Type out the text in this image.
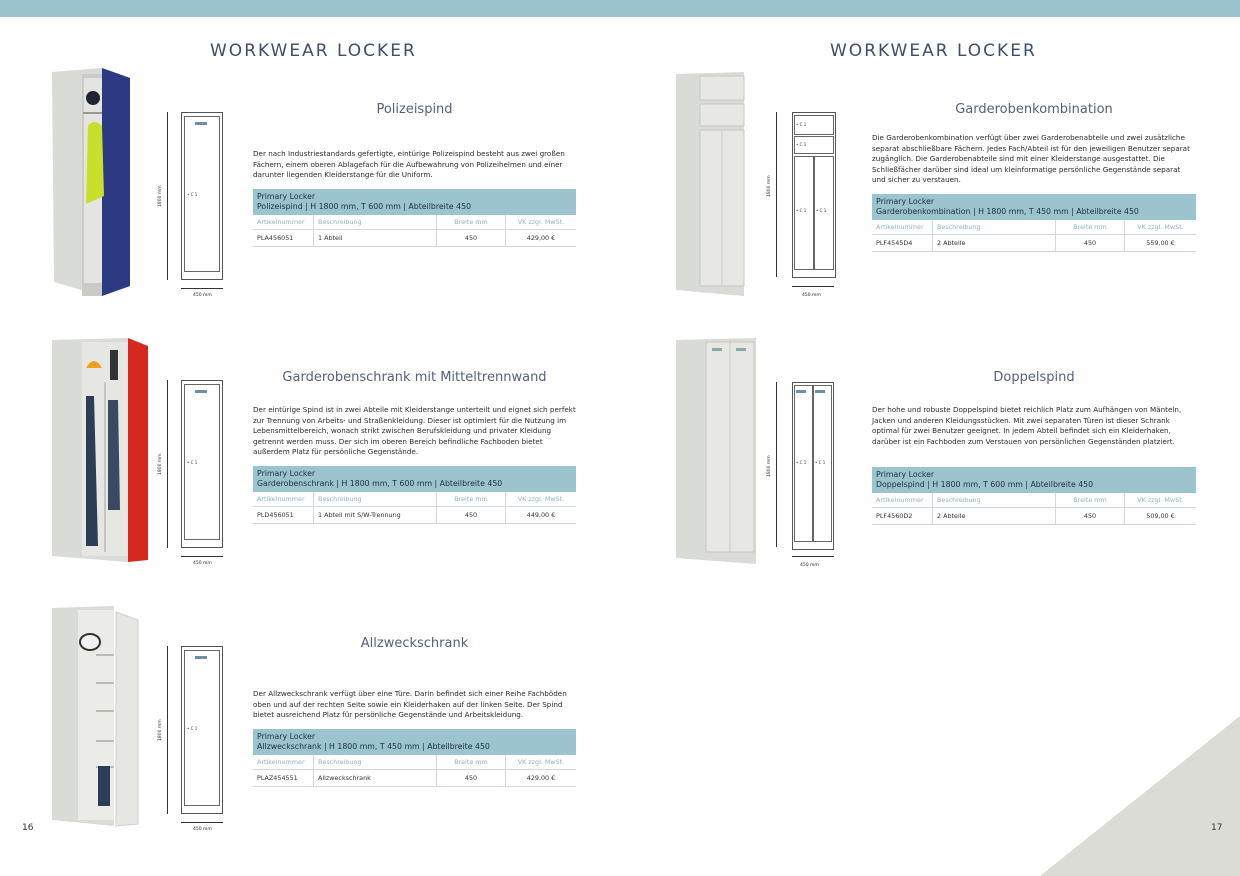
WORKWEAR LOCKER	WORKWEAR LOCKER
16	17
1800 mm	• C 1
450 mm
1800 mm	• C 1
450 mm
1800 mm	• C 1
450 mm
1800 mm
• C 1
• C 1
• C 1 • C 1
450 mm
1800 mm	• C 1 • C 1
450 mm
Polizeispind
Der nach Industriestandards gefertigte, eintürige Polizeispind besteht aus zwei großen Fächern, einem oberen Ablagefach für die Aufbewahrung von Polizeihelmen und einer darunter liegenden Kleiderstange für die Uniform.
Primary Locker
Polizeispind | H 1800 mm, T 600 mm | Abteilbreite 450
Artikelnummer	Beschreibung	Breite mm	VK zzgl. MwSt.
PLA456051	1 Abteil	450	429,00 €
Garderobenschrank mit Mitteltrennwand
Der eintürige Spind ist in zwei Abteile mit Kleiderstange unterteilt und eignet sich perfekt zur Trennung von Arbeits- und Straßenkleidung. Dieser ist optimiert für die Nutzung im Lebensmittelbereich, wonach strikt zwischen Berufskleidung und privater Kleidung getrennt werden muss. Der sich im oberen Bereich befindliche Fachboden bietet außerdem Platz für persönliche Gegenstände.
Primary Locker
Garderobenschrank | H 1800 mm, T 600 mm | Abteilbreite 450
Artikelnummer	Beschreibung	Breite mm	VK zzgl. MwSt.
PLD456051	1 Abteil mit S/W-Trennung	450	449,00 €
Allzweckschrank
Der Allzweckschrank verfügt über eine Türe. Darin befindet sich einer Reihe Fachböden oben und auf der rechten Seite sowie ein Kleiderhaken auf der linken Seite. Der Spind bietet ausreichend Platz für persönliche Gegenstände und Arbeitskleidung.
Primary Locker
Allzweckschrank | H 1800 mm, T 450 mm | Abteilbreite 450
Artikelnummer	Beschreibung	Breite mm	VK zzgl. MwSt.
PLAZ454551	Allzweckschrank	450	429,00 €
Garderobenkombination
Die Garderobenkombination verfügt über zwei Garderobenabteile und zwei zusätzliche separat abschließbare Fächern. Jedes Fach/Abteil ist für den jeweiligen Benutzer separat zugänglich. Die Garderobenabteile sind mit einer Kleiderstange ausgestattet. Die Schließfächer darüber sind ideal um kleinformatige persönliche Gegenstände separat und sicher zu verstauen.
Primary Locker
Garderobenkombination | H 1800 mm, T 450 mm | Abteilbreite 450
Artikelnummer	Beschreibung	Breite mm	VK zzgl. MwSt.
PLF4545D4	2 Abteile	450	559,00 €
Doppelspind
Der hohe und robuste Doppelspind bietet reichlich Platz zum Aufhängen von Mänteln, Jacken und anderen Kleidungsstücken. Mit zwei separaten Türen ist dieser Schrank optimal für zwei Benutzer geeignet. In jedem Abteil befindet sich ein Kleiderhaken, darüber ist ein Fachboden zum Verstauen von persönlichen Gegenständen platziert.
Primary Locker
Doppelspind | H 1800 mm, T 600 mm | Abteilbreite 450
Artikelnummer	Beschreibung	Breite mm	VK zzgl. MwSt.
PLF4560D2	2 Abteile	450	509,00 €
